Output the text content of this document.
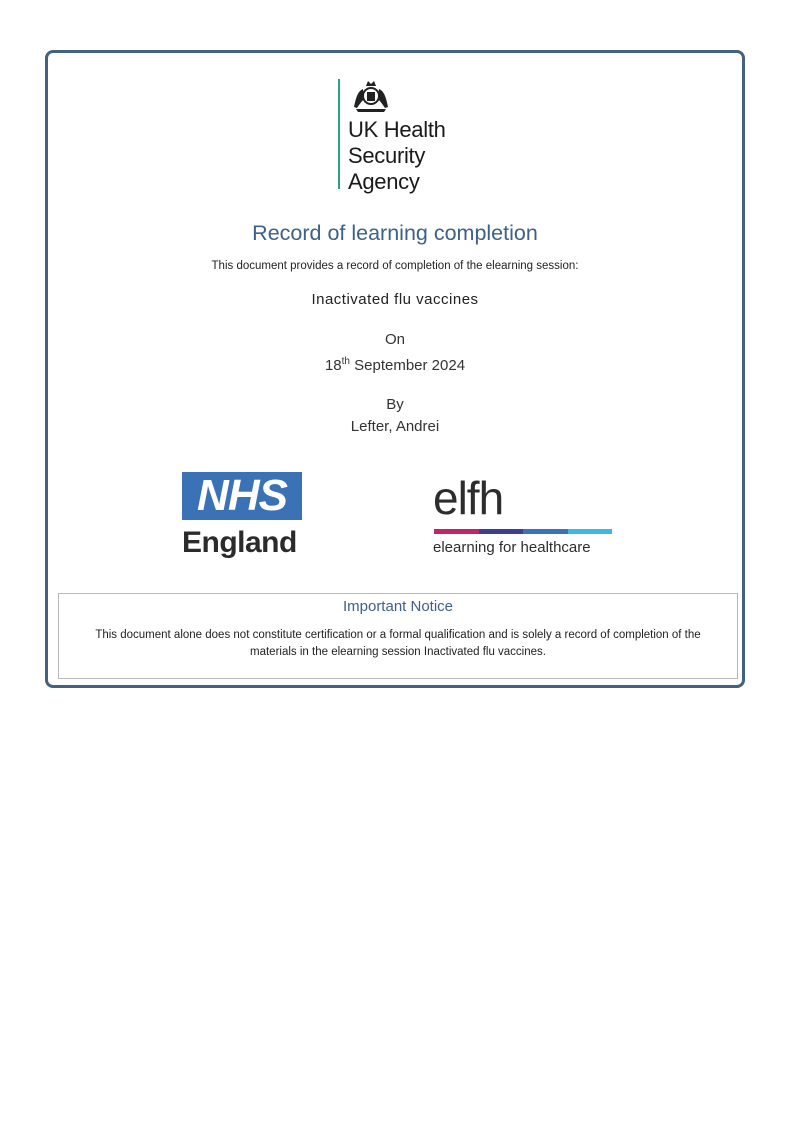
UK Health
Security
Agency
Record of learning completion
This document provides a record of completion of the elearning session:
Inactivated flu vaccines
On
18th September 2024
By
Lefter, Andrei
NHS
England
elfh
elearning for healthcare
Important Notice
This document alone does not constitute certification or a formal qualification and is solely a record of completion of the materials in the elearning session Inactivated flu vaccines.
